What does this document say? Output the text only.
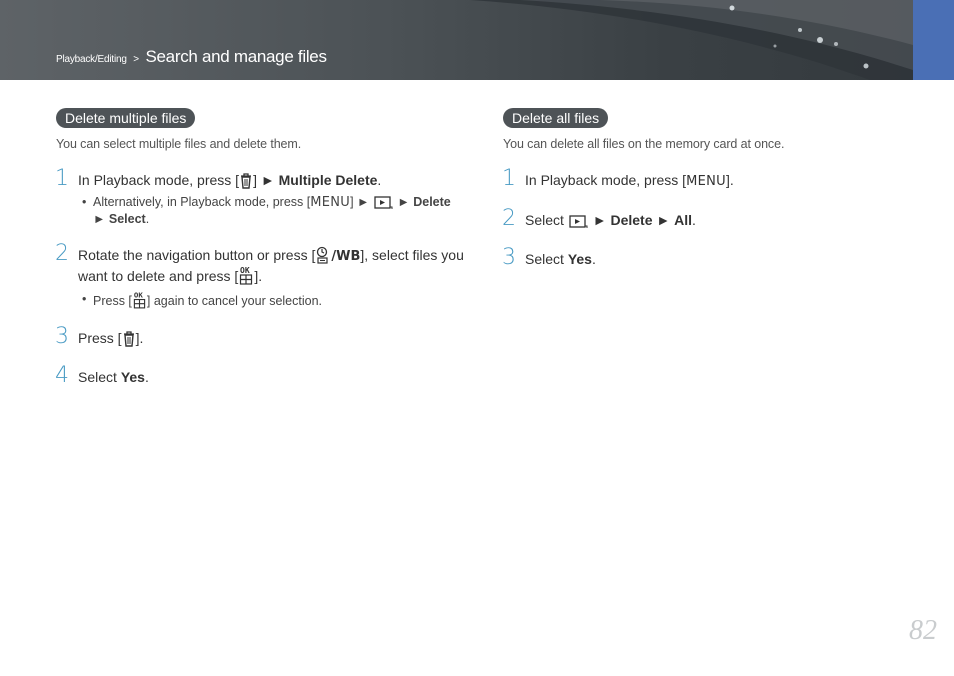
Playback/Editing > Search and manage files
Delete multiple files
You can select multiple files and delete them.
1 In Playback mode, press [ ] ► Multiple Delete.
• Alternatively, in Playback mode, press [MENU] ►  ► Delete
► Select.
2 Rotate the navigation button or press [ /WB], select files you want to delete and press [ OK ].
• Press [ OK ] again to cancel your selection.
3 Press [ ].
4 Select Yes.
Delete all files
You can delete all files on the memory card at once.
1 In Playback mode, press [MENU].
2 Select  ► Delete ► All.
3 Select Yes.
82
